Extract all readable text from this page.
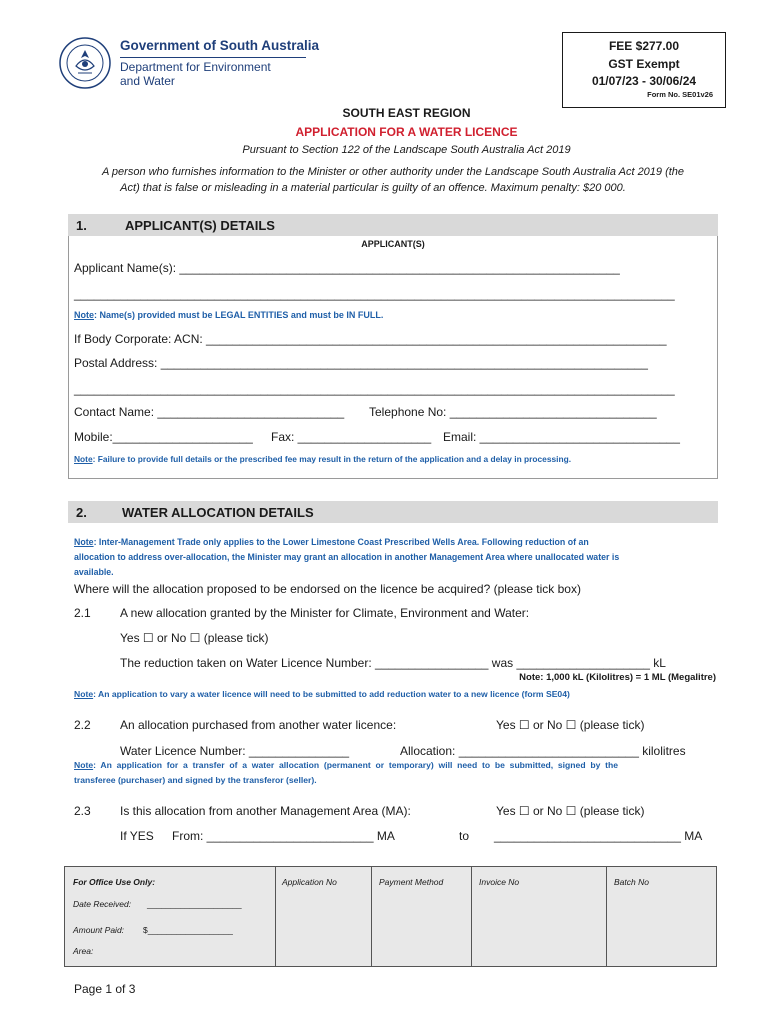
Government of South Australia
Department for Environment
and Water
FEE $277.00
GST Exempt
01/07/23 - 30/06/24
Form No. SE01v26
SOUTH EAST REGION
APPLICATION FOR A WATER LICENCE
Pursuant to Section 122 of the Landscape South Australia Act 2019
A person who furnishes information to the Minister or other authority under the Landscape South Australia Act 2019 (the
Act) that is false or misleading in a material particular is guilty of an offence. Maximum penalty: $20 000.
1.	APPLICANT(S) DETAILS
APPLICANT(S)
Applicant Name(s): __________________________________________________________________
__________________________________________________________________________________________
Note: Name(s) provided must be LEGAL ENTITIES and must be IN FULL.
If Body Corporate: ACN: _____________________________________________________________________
Postal Address: _________________________________________________________________________
__________________________________________________________________________________________
Contact Name: ____________________________ Telephone No: _______________________________
Mobile:_____________________ Fax: ____________________ Email: ______________________________
Note: Failure to provide full details or the prescribed fee may result in the return of the application and a delay in processing.
2.	WATER ALLOCATION DETAILS
Note: Inter-Management Trade only applies to the Lower Limestone Coast Prescribed Wells Area. Following reduction of an
allocation to address over-allocation, the Minister may grant an allocation in another Management Area where unallocated water is
available.
Where will the allocation proposed to be endorsed on the licence be acquired? (please tick box)
2.1 A new allocation granted by the Minister for Climate, Environment and Water:
Yes ☐ or No ☐ (please tick)
The reduction taken on Water Licence Number: _________________ was ____________________ kL
Note: 1,000 kL (Kilolitres) = 1 ML (Megalitre)
Note: An application to vary a water licence will need to be submitted to add reduction water to a new licence (form SE04)
2.2 An allocation purchased from another water licence:	Yes ☐ or No ☐ (please tick)
Water Licence Number: _______________	Allocation: ___________________________ kilolitres
Note:  An  application  for  a  transfer  of  a  water  allocation  (permanent  or  temporary)  will  need  to  be  submitted,  signed  by  the
transferee (purchaser) and signed by the transferor (seller).
2.3 Is this allocation from another Management Area (MA):	Yes ☐ or No ☐ (please tick)
If YES From: _________________________ MA	to ____________________________ MA
For Office Use Only:
Date Received: ____________________
Amount Paid: $__________________
Area:
Application No	Payment Method	Invoice No	Batch No
Page 1 of 3
